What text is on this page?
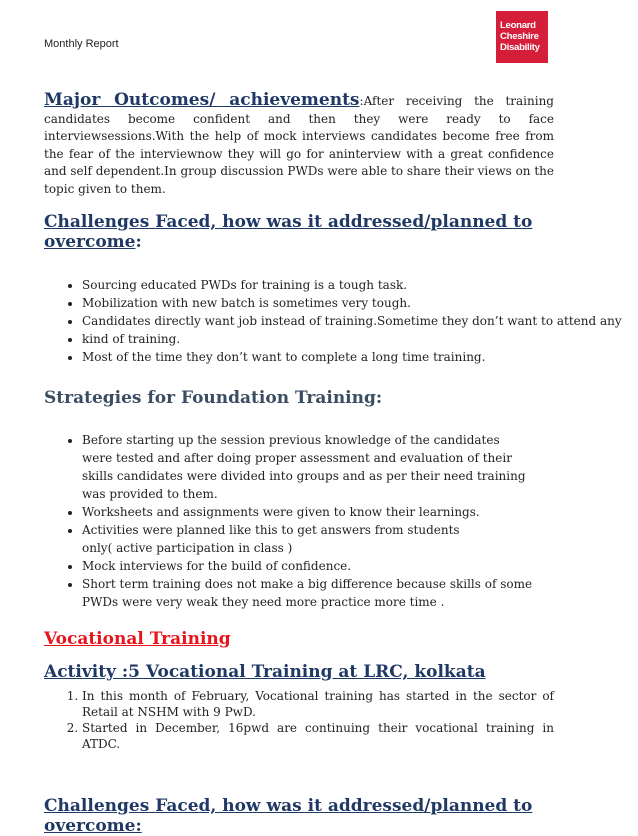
Monthly Report
Leonard
Cheshire
Disability

Major Outcomes/ achievements:After receiving the training candidates become confident and then they were ready to face interviewsessions.With the help of mock interviews candidates become free from the fear of the interviewnow they will go for aninterview with a great confidence and self dependent.In group discussion PWDs were able to share their views on the topic given to them.

Challenges Faced, how was it addressed/planned to overcome:
• Sourcing educated PWDs for training is a tough task.
• Mobilization with new batch is sometimes very tough.
• Candidates directly want job instead of training.Sometime they don’t want to attend any
• kind of training.
• Most of the time they don’t want to complete a long time training.
Strategies for Foundation Training:
• Before starting up the session previous knowledge of the candidates were tested and after doing proper assessment and evaluation of their skills candidates were divided into groups and as per their need training was provided to them.
• Worksheets and assignments were given to know their learnings.
• Activities were planned like this to get answers from students only( active participation in class )
• Mock interviews for the build of confidence.
• Short term training does not make a big difference because skills of some PWDs were very weak they need more practice more time .
Vocational Training
Activity :5 Vocational Training at LRC, kolkata
1. In this month of February, Vocational training has started in the sector of Retail at NSHM with 9 PwD.
2. Started in December, 16pwd are continuing their vocational training in ATDC.
Challenges Faced, how was it addressed/planned to overcome:
